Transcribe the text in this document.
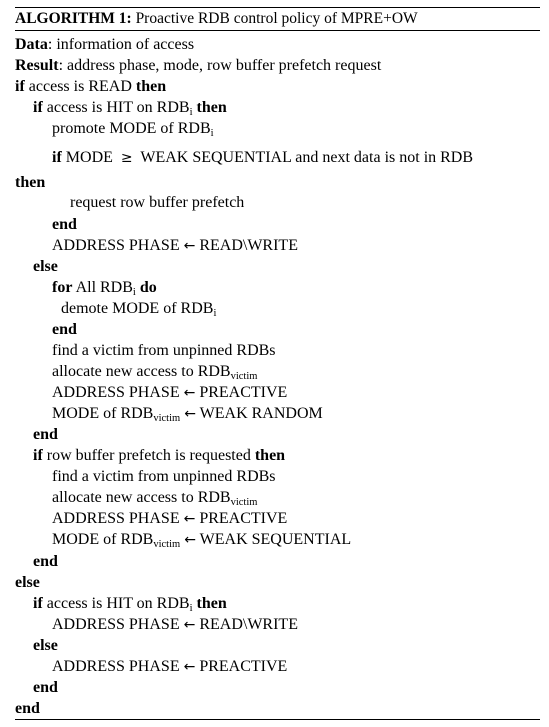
ALGORITHM 1: Proactive RDB control policy of MPRE+OW
Data: information of access
Result: address phase, mode, row buffer prefetch request
if access is READ then
if access is HIT on $RDB_i$ then
promote MODE of $RDB_i$
if MODE ≥ WEAK SEQUENTIAL and next data is not in RDB
then
request row buffer prefetch
end
ADDRESS PHASE ← READ\WRITE
else
for All $RDB_i$ do
demote MODE of $RDB_i$
end
find a victim from unpinned RDBs
allocate new access to $RDB_{victim}$
ADDRESS PHASE ← PREACTIVE
MODE of $RDB_{victim}$ ← WEAK RANDOM
end
if row buffer prefetch is requested then
find a victim from unpinned RDBs
allocate new access to $RDB_{victim}$
ADDRESS PHASE ← PREACTIVE
MODE of $RDB_{victim}$ ← WEAK SEQUENTIAL
end
else
if access is HIT on $RDB_i$ then
ADDRESS PHASE ← READ\WRITE
else
ADDRESS PHASE ← PREACTIVE
end
end
